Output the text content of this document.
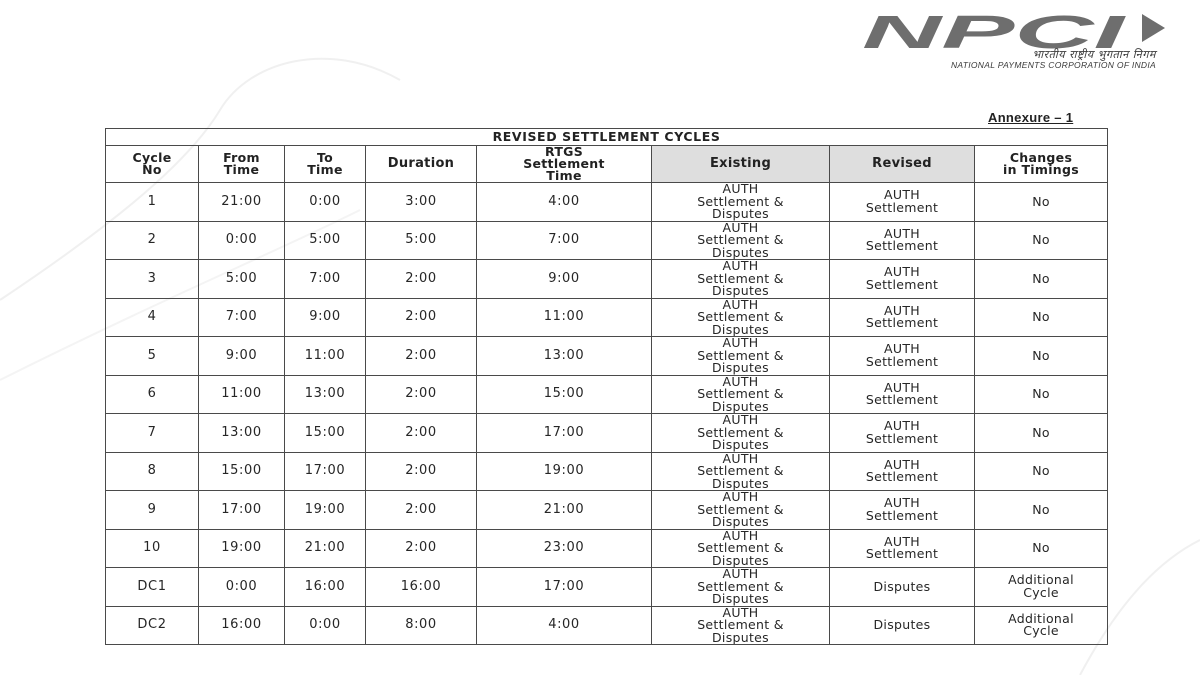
NPCI
भारतीय राष्ट्रीय भुगतान निगम
NATIONAL PAYMENTS CORPORATION OF INDIA
Annexure – 1
REVISED SETTLEMENT CYCLES							

Cycle
No	From
Time	To
Time	Duration	RTGS
Settlement
Time	Existing	Revised	Changes
in Timings

1	21:00	0:00	3:00	4:00	AUTH
Settlement &
Disputes	AUTH
Settlement	No

2	0:00	5:00	5:00	7:00	AUTH
Settlement &
Disputes	AUTH
Settlement	No

3	5:00	7:00	2:00	9:00	AUTH
Settlement &
Disputes	AUTH
Settlement	No

4	7:00	9:00	2:00	11:00	AUTH
Settlement &
Disputes	AUTH
Settlement	No

5	9:00	11:00	2:00	13:00	AUTH
Settlement &
Disputes	AUTH
Settlement	No

6	11:00	13:00	2:00	15:00	AUTH
Settlement &
Disputes	AUTH
Settlement	No

7	13:00	15:00	2:00	17:00	AUTH
Settlement &
Disputes	AUTH
Settlement	No

8	15:00	17:00	2:00	19:00	AUTH
Settlement &
Disputes	AUTH
Settlement	No

9	17:00	19:00	2:00	21:00	AUTH
Settlement &
Disputes	AUTH
Settlement	No

10	19:00	21:00	2:00	23:00	AUTH
Settlement &
Disputes	AUTH
Settlement	No

DC1	0:00	16:00	16:00	17:00	AUTH
Settlement &
Disputes	Disputes	Additional
Cycle

DC2	16:00	0:00	8:00	4:00	AUTH
Settlement &
Disputes	Disputes	Additional
Cycle
